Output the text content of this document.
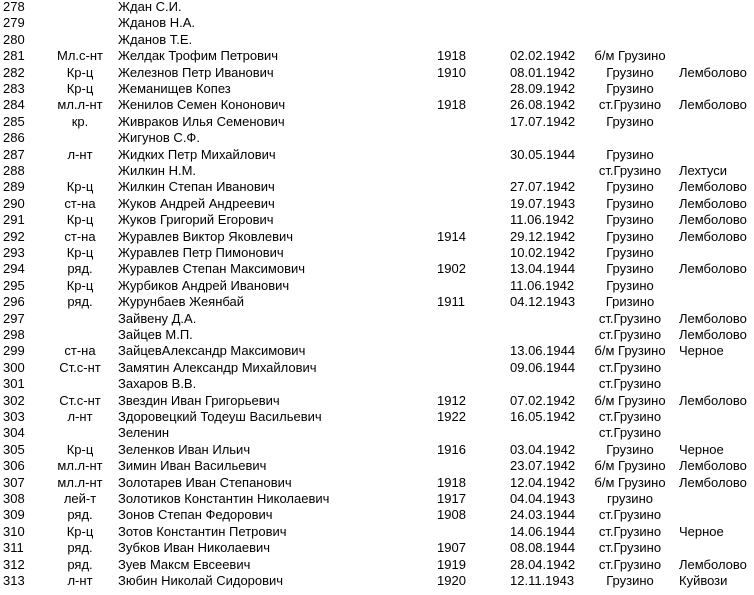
278	Ждан С.И.
279	Жданов Н.А.
280	Жданов Т.Е.
281	Мл.с-нт	Желдак Трофим Петрович	1918	02.02.1942	б/м Грузино
282	Кр-ц	Железнов Петр Иванович	1910	08.01.1942	Грузино	Лемболово
283	Кр-ц	Жеманищев Копез	28.09.1942	Грузино
284	мл.л-нт	Женилов Семен Кононович	1918	26.08.1942	ст.Грузино	Лемболово
285	кр.	Живраков Илья Семенович	17.07.1942	Грузино
286	Жигунов С.Ф.
287	л-нт	Жидких Петр Михайлович	30.05.1944	Грузино
288	Жилкин Н.М.	ст.Грузино	Лехтуси
289	Кр-ц	Жилкин Степан Иванович	27.07.1942	Грузино	Лемболово
290	ст-на	Жуков Андрей Андреевич	19.07.1943	Грузино	Лемболово
291	Кр-ц	Жуков Григорий Егорович	11.06.1942	Грузино	Лемболово
292	ст-на	Журавлев Виктор Яковлевич	1914	29.12.1942	Грузино	Лемболово
293	Кр-ц	Журавлев Петр Пимонович	10.02.1942	Грузино
294	ряд.	Журавлев Степан Максимович	1902	13.04.1944	Грузино	Лемболово
295	Кр-ц	Журбиков Андрей Иванович	11.06.1942	Грузино
296	ряд.	Журунбаев Жеянбай	1911	04.12.1943	Гризино
297	Зайвену Д.А.	ст.Грузино	Лемболово
298	Зайцев М.П.	ст.Грузино	Лемболово
299	ст-на	ЗайцевАлександр Максимович	13.06.1944	б/м Грузино	Черное
300	Ст.с-нт	Замятин Александр Михайлович	09.06.1944	ст.Грузино
301	Захаров В.В.	ст.Грузино
302	Ст.с-нт	Звездин Иван Григорьевич	1912	07.02.1942	б/м Грузино	Лемболово
303	л-нт	Здоровецкий Тодеуш Васильевич	1922	16.05.1942	ст.Грузино
304	Зеленин	ст.Грузино
305	Кр-ц	Зеленков Иван Ильич	1916	03.04.1942	Грузино	Черное
306	мл.л-нт	Зимин Иван Васильевич	23.07.1942	б/м Грузино	Лемболово
307	мл.л-нт	Золотарев Иван Степанович	1918	12.04.1942	б/м Грузино	Лемболово
308	лей-т	Золотиков Константин Николаевич	1917	04.04.1943	грузино
309	ряд.	Зонов Степан Федорович	1908	24.03.1944	ст.Грузино
310	Кр-ц	Зотов Константин Петрович	14.06.1944	ст.Грузино	Черное
311	ряд.	Зубков Иван Николаевич	1907	08.08.1944	ст.Грузино
312	ряд.	Зуев Максм Евсеевич	1919	28.04.1942	ст.Грузино	Лемболово
313	л-нт	Зюбин Николай Сидорович	1920	12.11.1943	Грузино	Куйвози
